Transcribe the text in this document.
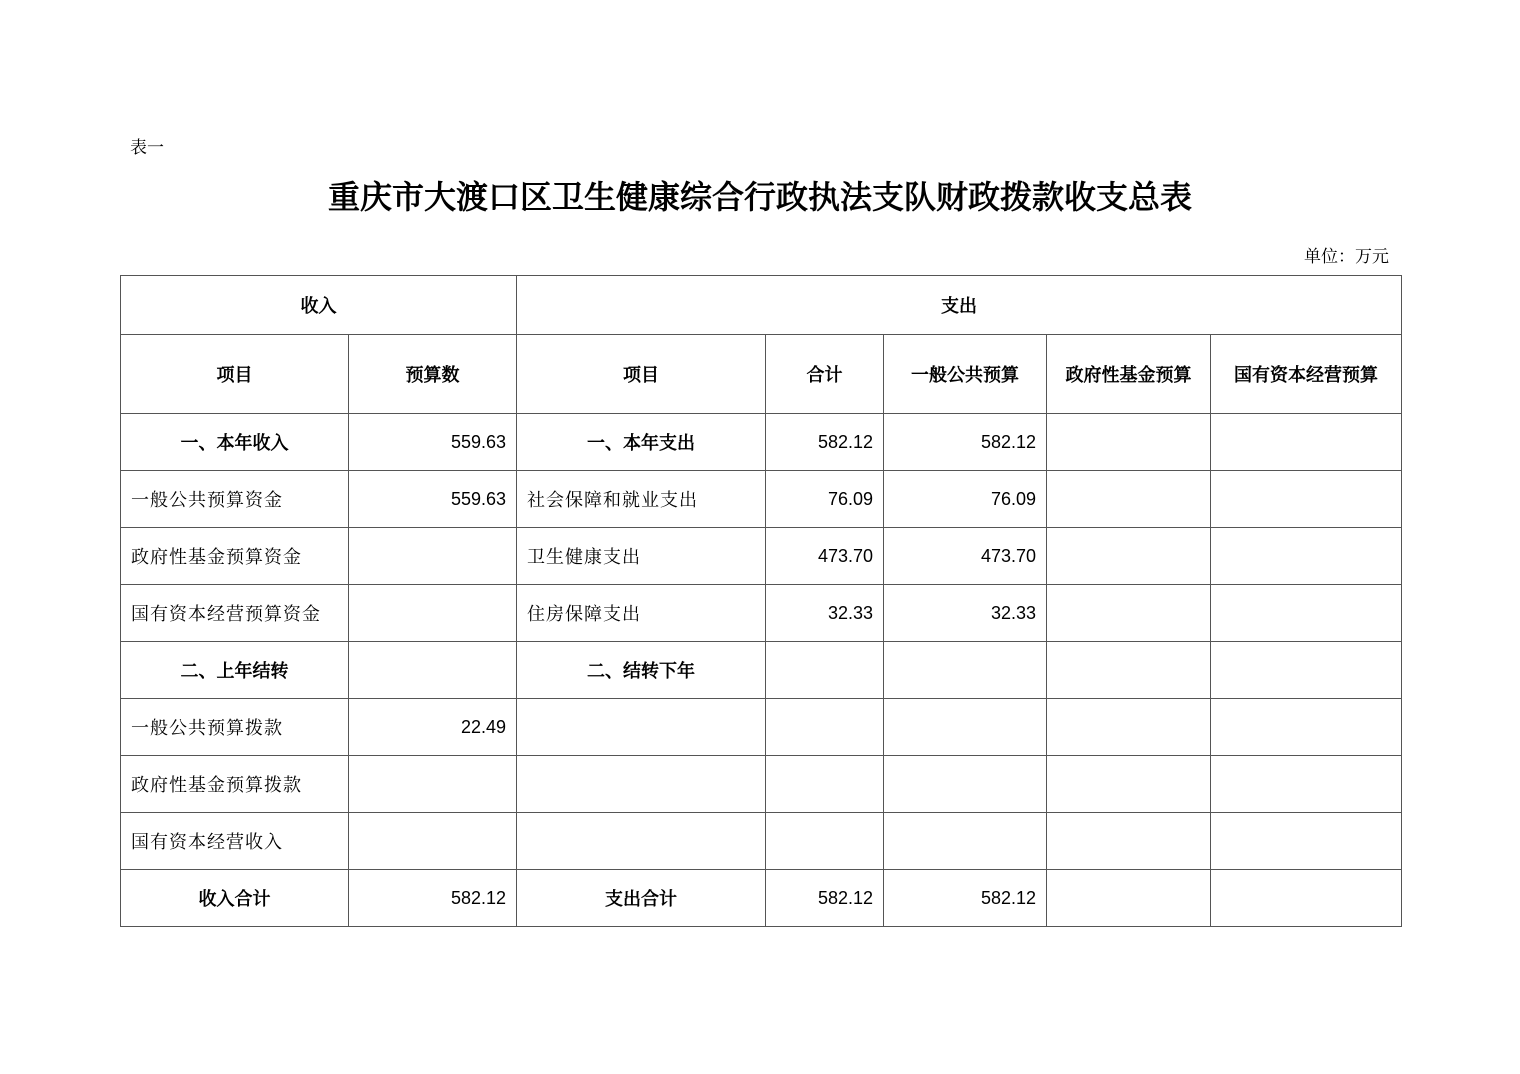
表一
重庆市大渡口区卫生健康综合行政执法支队财政拨款收支总表
单位：万元
收入		支出				
项目	预算数	项目	合计	一般公共预算	政府性基金预算	国有资本经营预算
一、本年收入	559.63	一、本年支出	582.12	582.12		
一般公共预算资金	559.63	社会保障和就业支出	76.09	76.09		
政府性基金预算资金		卫生健康支出	473.70	473.70		
国有资本经营预算资金		住房保障支出	32.33	32.33		
二、上年结转		二、结转下年				
一般公共预算拨款	22.49					
政府性基金预算拨款						
国有资本经营收入						
收入合计	582.12	支出合计	582.12	582.12		
